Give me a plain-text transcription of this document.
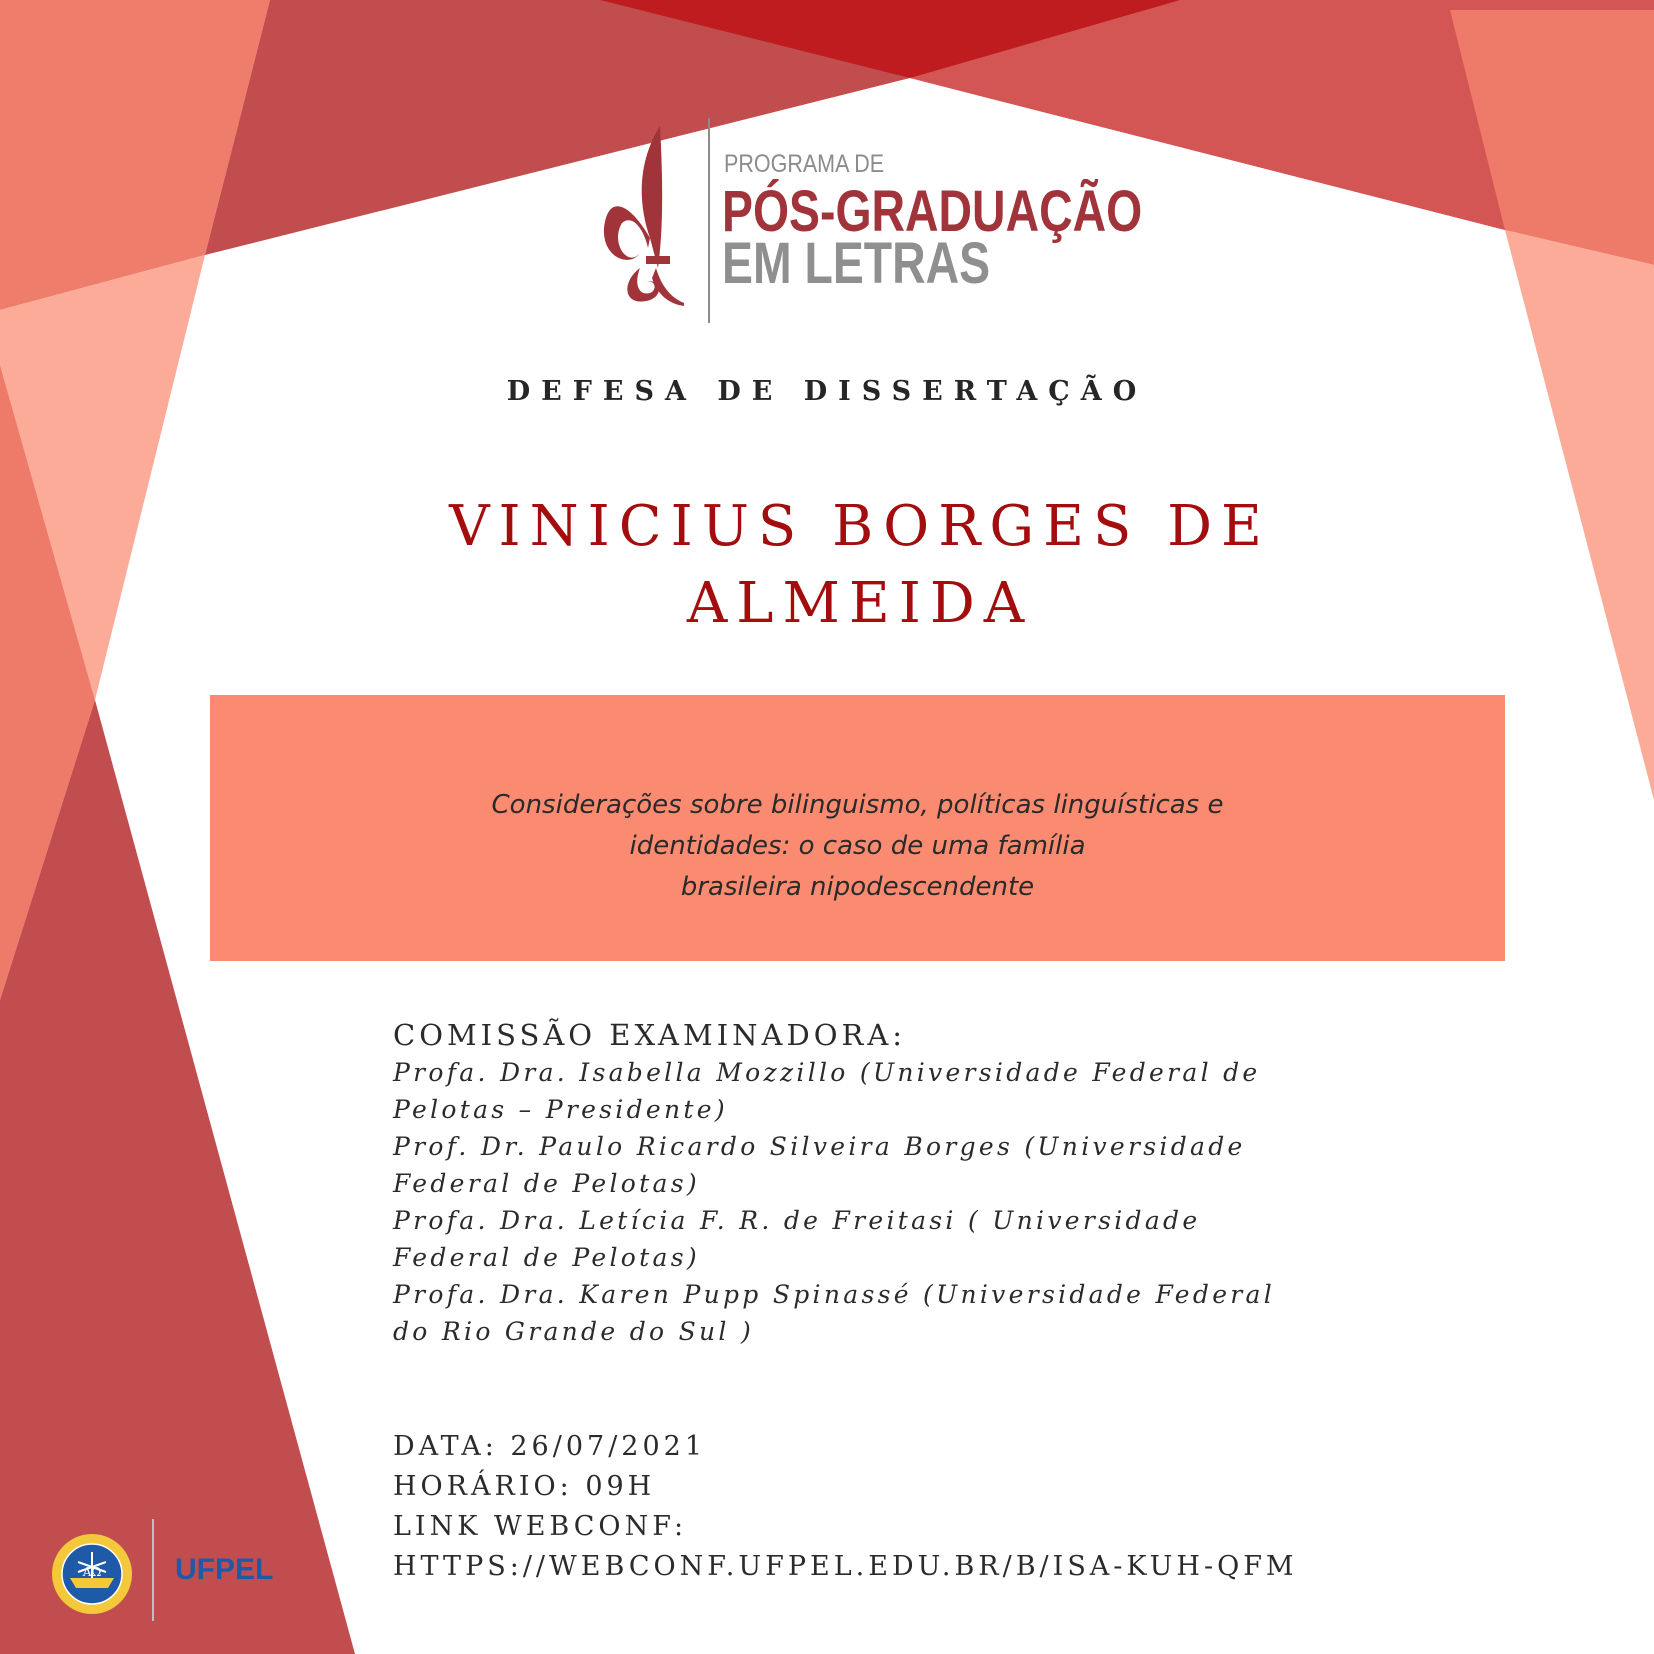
PROGRAMA DE
PÓS-GRADUAÇÃO
EM LETRAS
DEFESA DE DISSERTAÇÃO
VINICIUS BORGES DE
ALMEIDA
Considerações sobre bilinguismo, políticas linguísticas e
identidades: o caso de uma família
brasileira nipodescendente
COMISSÃO EXAMINADORA:
Profa. Dra. Isabella Mozzillo (Universidade Federal de
Pelotas – Presidente)
Prof. Dr. Paulo Ricardo Silveira Borges (Universidade
Federal de Pelotas)
Profa. Dra. Letícia F. R. de Freitasi ( Universidade
Federal de Pelotas)
Profa. Dra. Karen Pupp Spinassé (Universidade Federal
do Rio Grande do Sul )
DATA: 26/07/2021
HORÁRIO: 09H
LINK WEBCONF:
HTTPS://WEBCONF.UFPEL.EDU.BR/B/ISA-KUH-QFM
AΩ UFPEL
